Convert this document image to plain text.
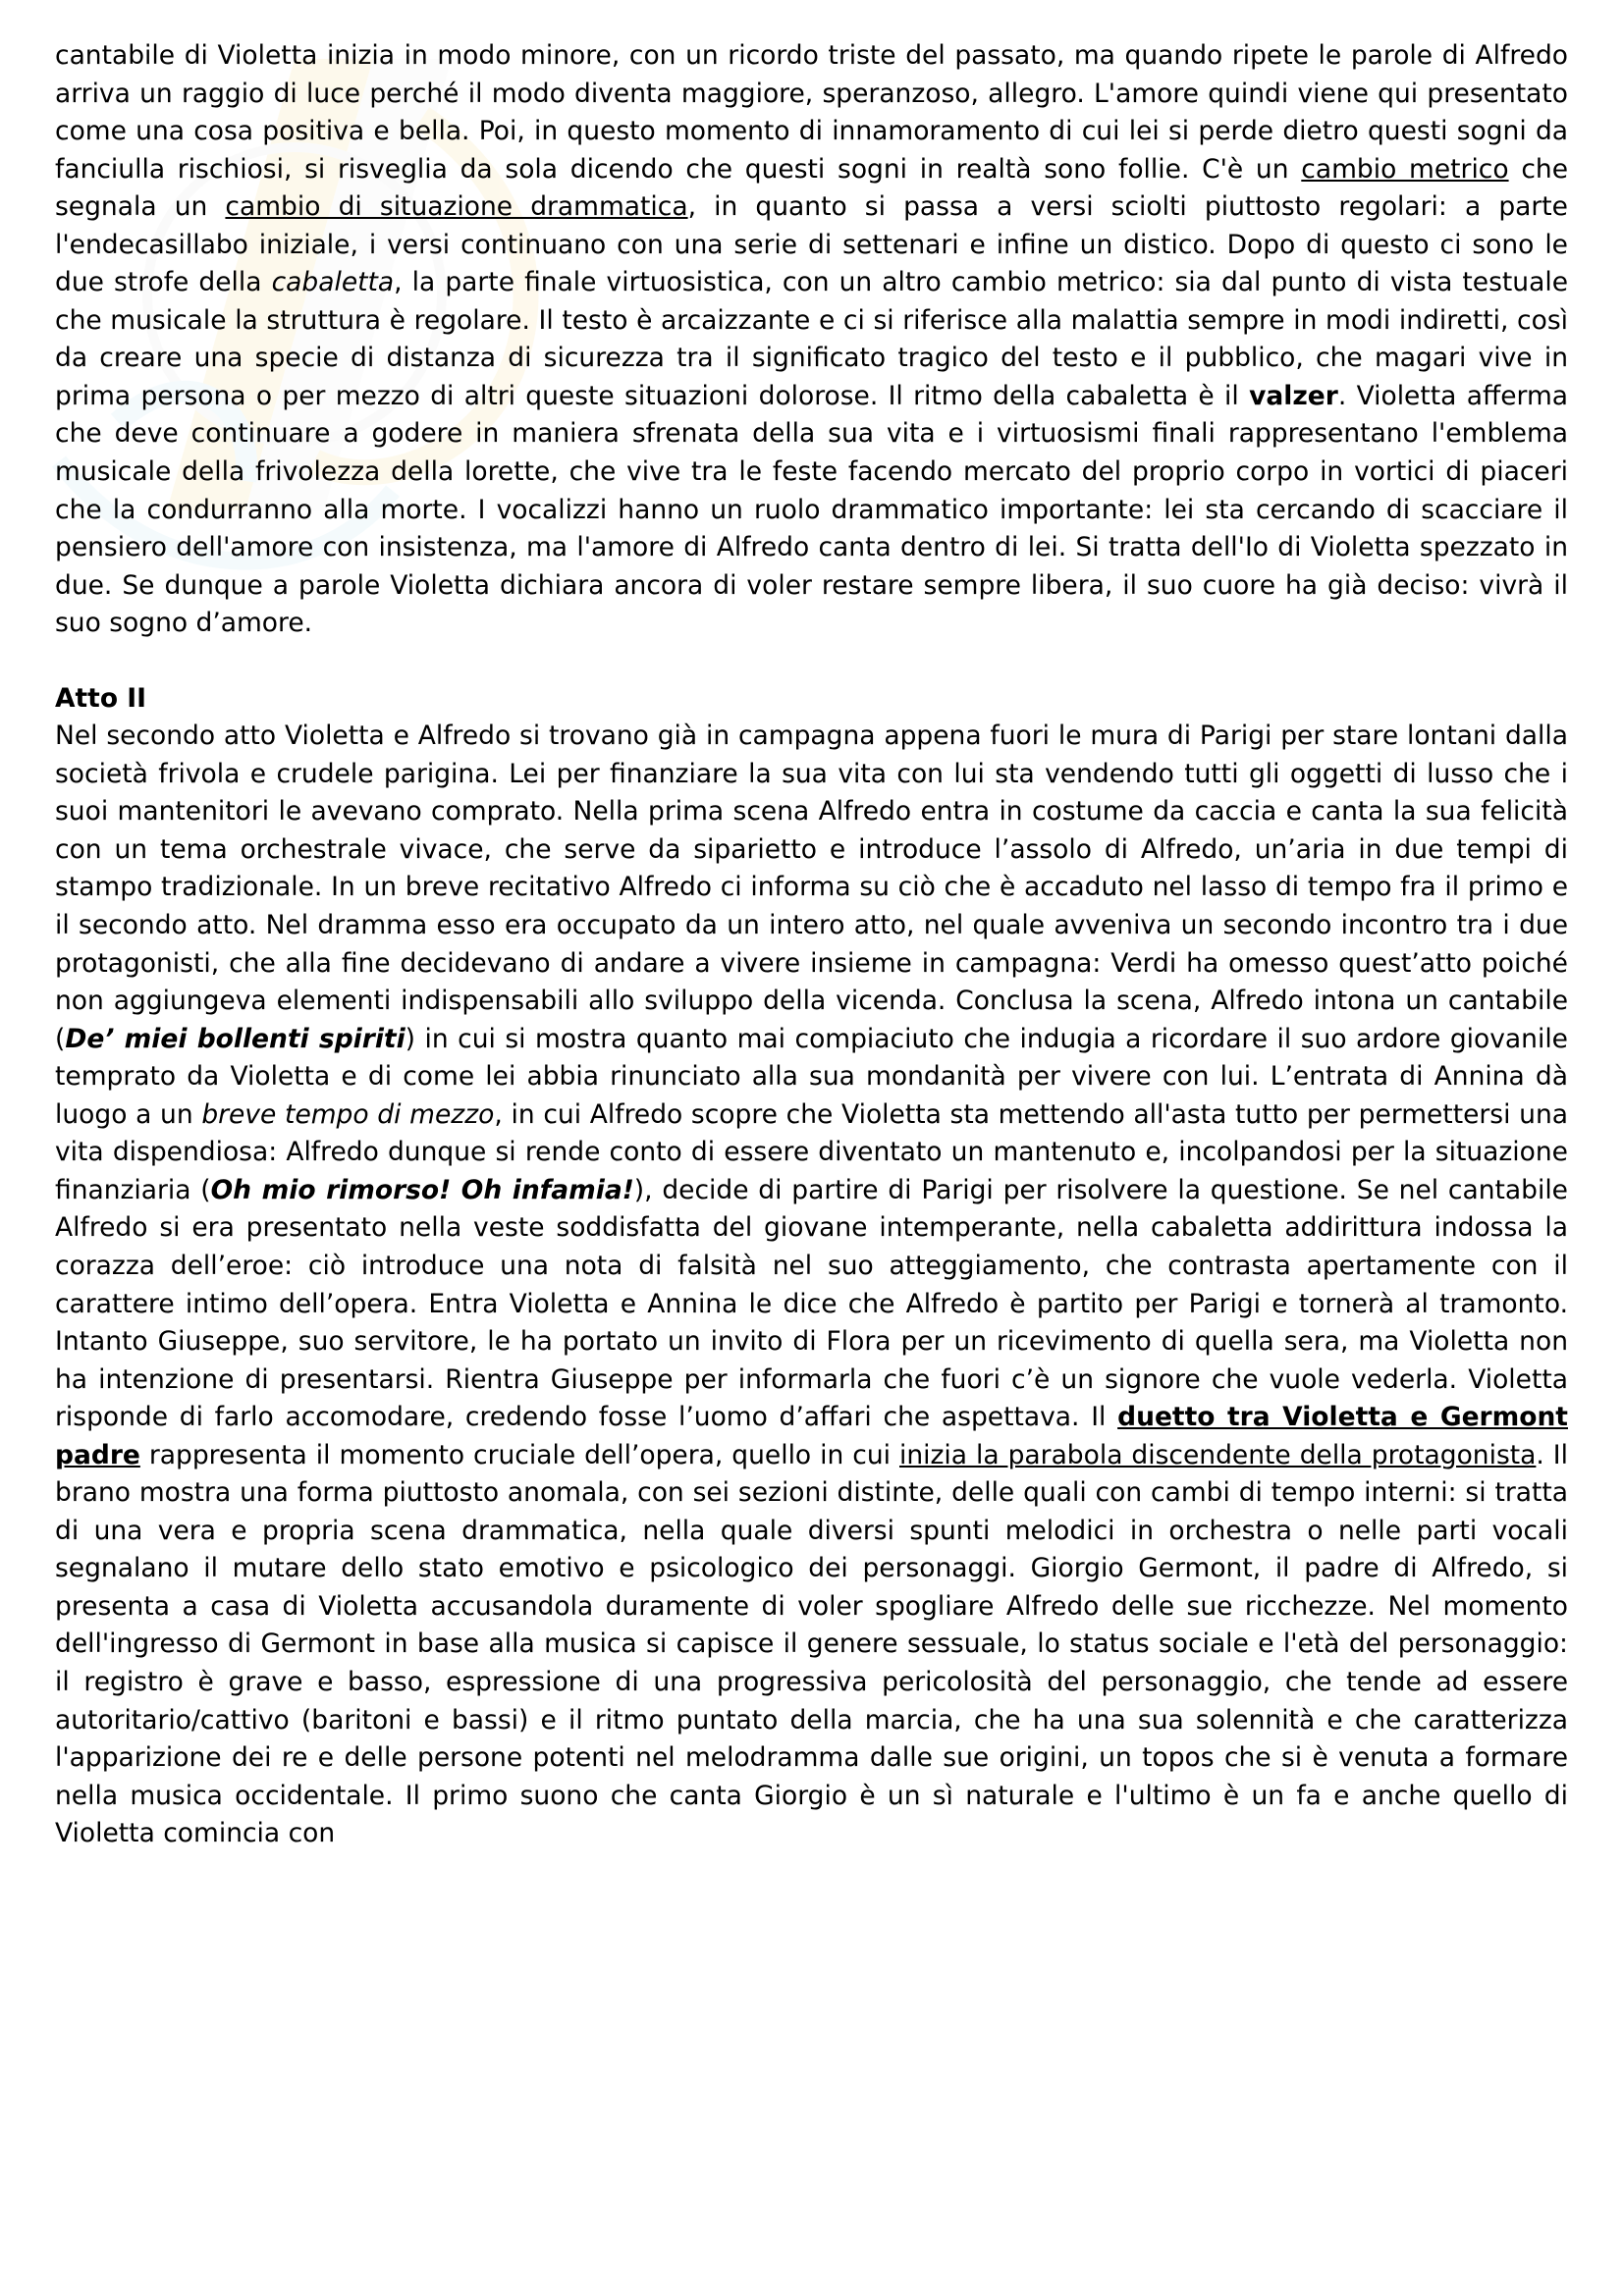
cantabile di Violetta inizia in modo minore, con un ricordo triste del passato, ma quando ripete le parole di Alfredo arriva un raggio di luce perché il modo diventa maggiore, speranzoso, allegro. L'amore quindi viene qui presentato come una cosa positiva e bella. Poi, in questo momento di innamoramento di cui lei si perde dietro questi sogni da fanciulla rischiosi, si risveglia da sola dicendo che questi sogni in realtà sono follie. C'è un cambio metrico che segnala un cambio di situazione drammatica, in quanto si passa a versi sciolti piuttosto regolari: a parte l'endecasillabo iniziale, i versi continuano con una serie di settenari e infine un distico. Dopo di questo ci sono le due strofe della cabaletta, la parte finale virtuosistica, con un altro cambio metrico: sia dal punto di vista testuale che musicale la struttura è regolare. Il testo è arcaizzante e ci si riferisce alla malattia sempre in modi indiretti, così da creare una specie di distanza di sicurezza tra il significato tragico del testo e il pubblico, che magari vive in prima persona o per mezzo di altri queste situazioni dolorose. Il ritmo della cabaletta è il valzer. Violetta afferma che deve continuare a godere in maniera sfrenata della sua vita e i virtuosismi finali rappresentano l'emblema musicale della frivolezza della lorette, che vive tra le feste facendo mercato del proprio corpo in vortici di piaceri che la condurranno alla morte. I vocalizzi hanno un ruolo drammatico importante: lei sta cercando di scacciare il pensiero dell'amore con insistenza, ma l'amore di Alfredo canta dentro di lei. Si tratta dell'Io di Violetta spezzato in due. Se dunque a parole Violetta dichiara ancora di voler restare sempre libera, il suo cuore ha già deciso: vivrà il suo sogno d’amore.

Atto II

Nel secondo atto Violetta e Alfredo si trovano già in campagna appena fuori le mura di Parigi per stare lontani dalla società frivola e crudele parigina. Lei per finanziare la sua vita con lui sta vendendo tutti gli oggetti di lusso che i suoi mantenitori le avevano comprato. Nella prima scena Alfredo entra in costume da caccia e canta la sua felicità con un tema orchestrale vivace, che serve da siparietto e introduce l’assolo di Alfredo, un’aria in due tempi di stampo tradizionale. In un breve recitativo Alfredo ci informa su ciò che è accaduto nel lasso di tempo fra il primo e il secondo atto. Nel dramma esso era occupato da un intero atto, nel quale avveniva un secondo incontro tra i due protagonisti, che alla fine decidevano di andare a vivere insieme in campagna: Verdi ha omesso quest’atto poiché non aggiungeva elementi indispensabili allo sviluppo della vicenda. Conclusa la scena, Alfredo intona un cantabile (De’ miei bollenti spiriti) in cui si mostra quanto mai compiaciuto che indugia a ricordare il suo ardore giovanile temprato da Violetta e di come lei abbia rinunciato alla sua mondanità per vivere con lui. L’entrata di Annina dà luogo a un breve tempo di mezzo, in cui Alfredo scopre che Violetta sta mettendo all'asta tutto per permettersi una vita dispendiosa: Alfredo dunque si rende conto di essere diventato un mantenuto e, incolpandosi per la situazione finanziaria (Oh mio rimorso! Oh infamia!), decide di partire di Parigi per risolvere la questione. Se nel cantabile Alfredo si era presentato nella veste soddisfatta del giovane intemperante, nella cabaletta addirittura indossa la corazza dell’eroe: ciò introduce una nota di falsità nel suo atteggiamento, che contrasta apertamente con il carattere intimo dell’opera. Entra Violetta e Annina le dice che Alfredo è partito per Parigi e tornerà al tramonto. Intanto Giuseppe, suo servitore, le ha portato un invito di Flora per un ricevimento di quella sera, ma Violetta non ha intenzione di presentarsi. Rientra Giuseppe per informarla che fuori c’è un signore che vuole vederla. Violetta risponde di farlo accomodare, credendo fosse l’uomo d’affari che aspettava. Il duetto tra Violetta e Germont padre rappresenta il momento cruciale dell’opera, quello in cui inizia la parabola discendente della protagonista. Il brano mostra una forma piuttosto anomala, con sei sezioni distinte, delle quali con cambi di tempo interni: si tratta di una vera e propria scena drammatica, nella quale diversi spunti melodici in orchestra o nelle parti vocali segnalano il mutare dello stato emotivo e psicologico dei personaggi. Giorgio Germont, il padre di Alfredo, si presenta a casa di Violetta accusandola duramente di voler spogliare Alfredo delle sue ricchezze. Nel momento dell'ingresso di Germont in base alla musica si capisce il genere sessuale, lo status sociale e l'età del personaggio: il registro è grave e basso, espressione di una progressiva pericolosità del personaggio, che tende ad essere autoritario/cattivo (baritoni e bassi) e il ritmo puntato della marcia, che ha una sua solennità e che caratterizza l'apparizione dei re e delle persone potenti nel melodramma dalle sue origini, un topos che si è venuta a formare nella musica occidentale. Il primo suono che canta Giorgio è un sì naturale e l'ultimo è un fa e anche quello di Violetta comincia con
